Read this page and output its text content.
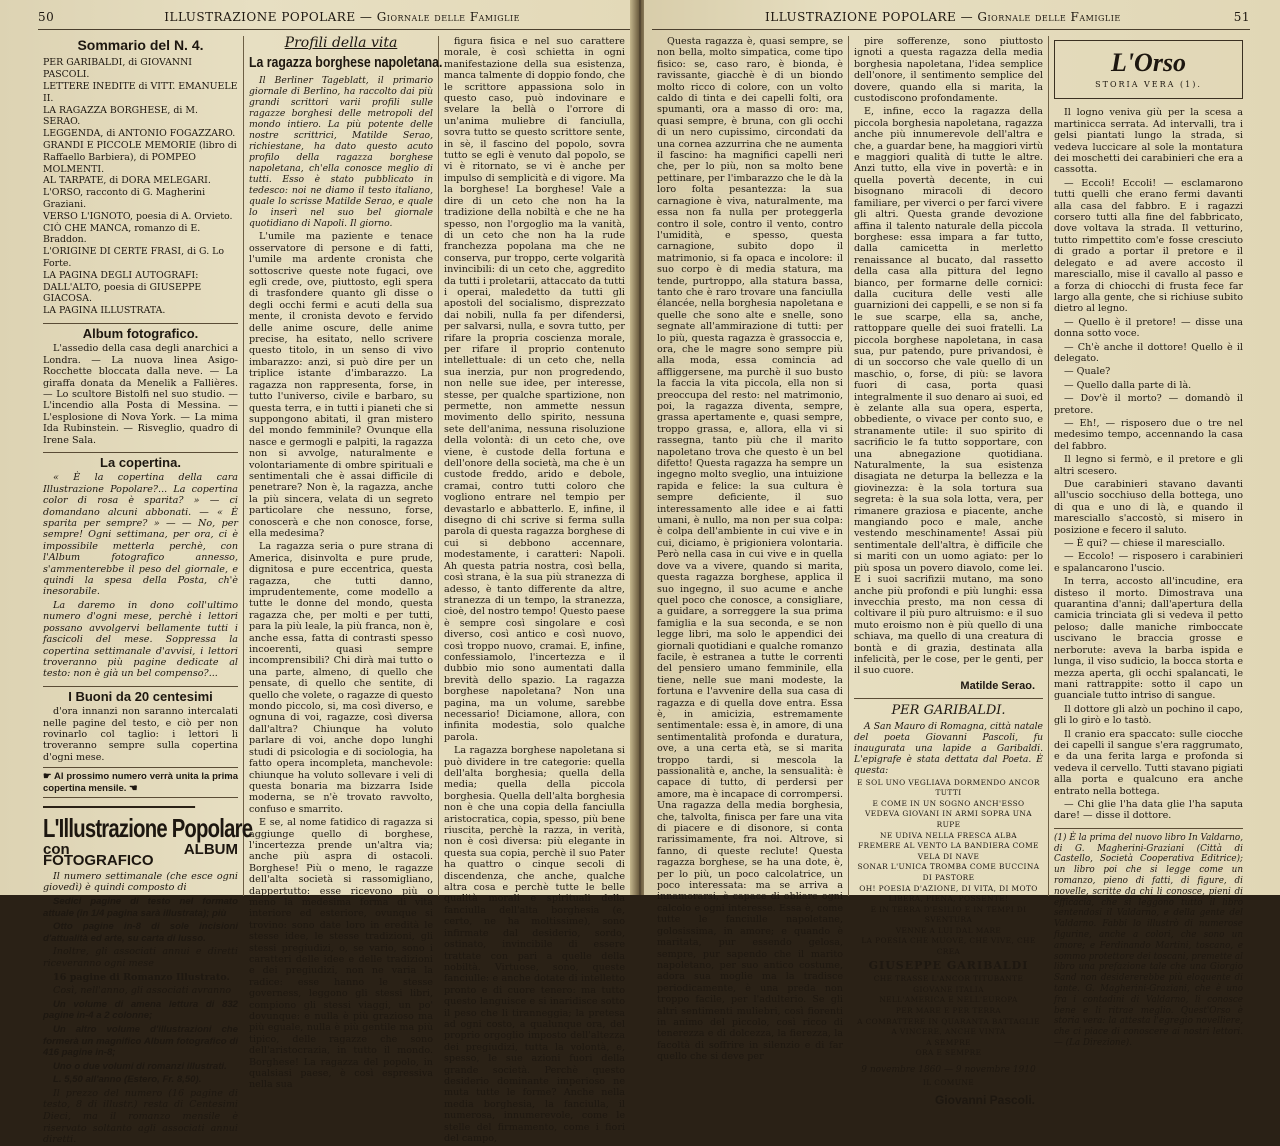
50	ILLUSTRAZIONE POPOLARE — Giornale delle Famiglie
Sommario del N. 4.
PER GARIBALDI, di GIOVANNI PASCOLI.
LETTERE INEDITE di VITT. EMANUELE II.
LA RAGAZZA BORGHESE, di M. SERAO.
LEGGENDA, di ANTONIO FOGAZZARO.
GRANDI E PICCOLE MEMORIE (libro di Raffaello Barbiera), di POMPEO MOLMENTI.
AL TARPATE, di DORA MELEGARI.
L'ORSO, racconto di G. Magherini Graziani.
VERSO L'IGNOTO, poesia di A. Orvieto.
CIÒ CHE MANCA, romanzo di E. Braddon.
L'ORIGINE DI CERTE FRASI, di G. Lo Forte.
LA PAGINA DEGLI AUTOGRAFI: DALL'ALTO, poesia di GIUSEPPE GIACOSA.
LA PAGINA ILLUSTRATA.
Album fotografico.

L'assedio della casa degli anarchici a Londra. — La nuova linea Asigo-Rocchette bloccata dalla neve. — La giraffa donata da Menelik a Fallières. — Lo scultore Bistolfi nel suo studio. — L'incendio alla Posta di Messina. — L'esplosione di Nova York. — La mima Ida Rubinstein. — Risveglio, quadro di Irene Sala.

La copertina.

« È la copertina della cara Illustrazione Popolare?... La copertina color di rosa è sparita? » — ci domandano alcuni abbonati. — « È sparita per sempre? » — — No, per sempre! Ogni settimana, per ora, ci è impossibile metterla perchè, con l'Album fotografico annesso, s'ammenterebbe il peso del giornale, e quindi la spesa della Posta, ch'è inesorabile.

La daremo in dono coll'ultimo numero d'ogni mese, perchè i lettori possano avvolgervi bellamente tutti i fascicoli del mese. Soppressa la copertina settimanale d'avvisi, i lettori troveranno più pagine dedicate al testo: non è già un bel compenso?...

I Buoni da 20 centesimi

d'ora innanzi non saranno intercalati nelle pagine del testo, e ciò per non rovinarlo col taglio: i lettori li troveranno sempre sulla copertina d'ogni mese.

☛ Al prossimo numero verrà unita la prima copertina mensile. ☚
L'Illustrazione Popolare
con ALBUM FOTOGRAFICO

Il numero settimanale (che esce ogni giovedì) è quindi composto di

Sedici pagine di testo nel formato attuale (in 1/4 pagina sarà illustrata); più

Otto pagine in-8 di sole incisioni d'attualità ed arte, su carta di lusso.

Inoltre, gli associati annui e diretti riceveranno ogni mese

16 pagine di Romanzo Illustrato.

Così, nell'anno, gli associati avranno

Un volume di amena lettura di 832 pagine in-4 a 2 colonne;

Un altro volume d'illustrazioni che formerà un magnifico Album fotografico di 416 pagine in-8;

Uno o due volumi di romanzi illustrati.

L. 5,50 all'anno (Estero, Fr. 8,50).

Il prezzo del numero (16 pagine di testo, 8 di illustr.) resta di Centesimi Dieci, ma il romanzo mensile è riservato soltanto agli associati annui diretti.

Profili della vita
La ragazza borghese napoletana.

Il Berliner Tageblatt, il primario giornale di Berlino, ha raccolto dai più grandi scrittori varii profili sulle ragazze borghesi delle metropoli del mondo intiero. La più potente delle nostre scrittrici, Matilde Serao, richiestane, ha dato questo acuto profilo della ragazza borghese napoletana, ch'ella conosce meglio di tutti. Esso è stato pubblicato in tedesco: noi ne diamo il testo italiano, quale lo scrisse Matilde Serao, e quale lo inserì nel suo bel giornale quotidiano di Napoli. Il giorno.

L'umile ma paziente e tenace osservatore di persone e di fatti, l'umile ma ardente cronista che sottoscrive queste note fugaci, ove egli crede, ove, piuttosto, egli spera di trasfondere quanto gli disse o degli occhi fermi e acuti della sua mente, il cronista devoto e fervido delle anime oscure, delle anime precise, ha esitato, nello scrivere questo titolo, in un senso di vivo imbarazzo: anzi, si può dire per un triplice istante d'imbarazzo. La ragazza non rappresenta, forse, in tutto l'universo, civile e barbaro, su questa terra, e in tutti i pianeti che si suppongono abitati, il gran mistero del mondo femminile? Ovunque ella nasce e germogli e palpiti, la ragazza non si avvolge, naturalmente e volontariamente di ombre spirituali e sentimentali che è assai difficile di penetrare? Non è, la ragazza, anche la più sincera, velata di un segreto particolare che nessuno, forse, conoscerà e che non conosce, forse, ella medesima?

La ragazza seria o pure strana di America, disinvolta e pure prude, dignitosa e pure eccentrica, questa ragazza, che tutti danno, imprudentemente, come modello a tutte le donne del mondo, questa ragazza che, per molti e per tutti, para la più leale, la più franca, non è, anche essa, fatta di contrasti spesso incoerenti, quasi sempre incomprensibili? Chi dirà mai tutto o una parte, almeno, di quello che pensate, di quello che sentite, di quello che volete, o ragazze di questo mondo piccolo, si, ma così diverso, e ognuna di voi, ragazze, così diversa dall'altra? Chiunque ha voluto parlare di voi, anche dopo lunghi studi di psicologia e di sociologia, ha fatto opera incompleta, manchevole: chiunque ha voluto sollevare i veli di questa bonaria ma bizzarra Iside moderna, se n'è trovato ravvolto, confuso e smarrito.

E se, al nome fatidico di ragazza si aggiunge quello di borghese, l'incertezza prende un'altra via; anche più aspra di ostacoli. Borghese! Più o meno, le ragazze dell'alta società si rassomigliano, dappertutto: esse ricevono più o meno la medesima forma di vita interiore ed esteriore, ovunque si trovino: sono date loro in eredità le stesse idee, le stesse tradizioni, gli stessi pregiudizi, o, se vario, sono i caratteri delle idee e delle tradizioni e dei pregiudizi, non ne varia la radice: esse hanno le stesse governess, leggono gli stessi libri, compiono gli stessi viaggi, un po' dovunque: e nulla è più grazioso ma più eguale, nulla è più gentile ma più tipico, delle ragazze che sono dell'aristocrazia, in tutto il mondo. Borghese! La ragazza del popolo, in qualsiasi paese, è così espressiva nella sua

figura fisica e nel suo carattere morale, è così schietta in ogni manifestazione della sua esistenza, manca talmente di doppio fondo, che le scrittore appassiona solo in questo caso, può indovinare e svelare la bellà o l'orrore di un'anima muliebre di fanciulla, sovra tutto se questo scrittore sente, in sè, il fascino del popolo, sovra tutto se egli è venuto dal popolo, se vi è ritornato, se vi è anche per impulso di semplicità e di vigore. Ma la borghese! La borghese! Vale a dire di un ceto che non ha la tradizione della nobiltà e che ne ha spesso, non l'orgoglio ma la vanità, di un ceto che non ha la rude franchezza popolana ma che ne conserva, pur troppo, certe volgarità invincibili: di un ceto che, aggredito da tutti i proletarii, attaccato da tutti i operai, maledetto da tutti gli apostoli del socialismo, disprezzato dai nobili, nulla fa per difendersi, per salvarsi, nulla, e sovra tutto, per rifare la propria coscienza morale, per rifare il proprio contenuto intellettuale: di un ceto che, nella sua inerzia, pur non progredendo, non nelle sue idee, per interesse, stesse, per qualche spartizione, non permette, non ammette nessun movimento dello spirito, nessuna sete dell'anima, nessuna risoluzione della volontà: di un ceto che, ove viene, è custode della fortuna e dell'onore della società, ma che è un custode freddo, arido e debole, cramai, contro tutti coloro che vogliono entrare nel tempio per devastarlo e abbatterlo. E, infine, il disegno di chi scrive si ferma sulla parola di questa ragazza borghese di cui si debbono accennare, modestamente, i caratteri: Napoli. Ah questa patria nostra, così bella, così strana, è la sua più stranezza di adesso, è tanto differente da altre, stranezza di un tempo, la stranezza, cioè, del nostro tempo! Questo paese è sempre così singolare e così diverso, così antico e così nuovo, così troppo nuovo, cramai. E, infine, confessiamolo, l'incertezza e il dubbio mio sono aumentati dalla brevità dello spazio. La ragazza borghese napoletana? Non una pagina, ma un volume, sarebbe necessario! Diciamone, allora, con infinita modestia, solo qualche parola.

La ragazza borghese napoletana si può dividere in tre categorie: quella dell'alta borghesia; quella della media; quella della piccola borghesia. Quella dell'alta borghesia non è che una copia della fanciulla aristocratica, copia, spesso, più bene riuscita, perchè la razza, in verità, non è così diversa: più elegante in questa sua copia, perchè il suo Pater ha quattro o cinque secoli di discendenza, che anche, qualche altra cosa e perchè tutte le belle qualità morali e spirituali della fanciulla dell'alta borghesia (e, certo, ne ha moltissime), sono infirmate dal desiderio, sordo, ostinato, invincibile di essere trattate con pari a quelle della nobiltà. Virtuose, sono, queste fanciulle: e anche dotate di intelletto pronto e di cuore tenero: ma tutto questo languisce e si inaridisce sotto il peso che li tiranneggia; la pretesa ad ogni costo, a qualunque ora, del proprio orgoglio imposto dell'altezza dei pregiudizi, tutta la volontà, e, spesso, le sue azioni fuori della grande società. Perchè questo desiderio dominante imperioso ne muta tutte le forme? Anche nella media borghesia, la fanciulla, il numerosa, innumerevole, come le stelle del firmamento, come i fiori del campo,

ILLUSTRAZIONE POPOLARE — Giornale delle Famiglie	51

Questa ragazza è, quasi sempre, se non bella, molto simpatica, come tipo fisico: se, caso raro, è bionda, è ravissante, giacchè è di un biondo molto ricco di colore, con un volto caldo di tinta e dei capelli folti, ora spumanti, ora a masso di oro: ma, quasi sempre, è bruna, con gli occhi di un nero cupissimo, circondati da una cornea azzurrina che ne aumenta il fascino: ha magnifici capelli neri che, per lo più, non sa molto bene pettinare, per l'imbarazzo che le dà la loro folta pesantezza: la sua carnagione è viva, naturalmente, ma essa non fa nulla per proteggerla contro il sole, contro il vento, contro l'umidità, e spesso, questa carnagione, subito dopo il matrimonio, si fa opaca e incolore: il suo corpo è di media statura, ma tende, purtroppo, alla statura bassa, tanto che è raro trovare una fanciulla élancée, nella borghesia napoletana e quelle che sono alte e snelle, sono segnate all'ammirazione di tutti: per lo più, questa ragazza è grassoccia e, ora, che le magre sono sempre più alla moda, essa comincia ad affliggersene, ma purchè il suo busto la faccia la vita piccola, ella non si preoccupa del resto: nel matrimonio, poi, la ragazza diventa, sempre, grassa apertamente e, quasi sempre, troppo grassa, e, allora, ella vi si rassegna, tanto più che il marito napoletano trova che questo è un bel difetto! Questa ragazza ha sempre un ingegno molto sveglio, una intuizione rapida e felice: la sua cultura è sempre deficiente, il suo interessamento alle idee e ai fatti umani, è nullo, ma non per sua colpa: è colpa dell'ambiente in cui vive e in cui, diciamo, è prigioniera volontaria. Però nella casa in cui vive e in quella dove va a vivere, quando si marita, questa ragazza borghese, applica il suo ingegno, il suo acume e anche quel poco che conosce, a consigliare, a guidare, a sorreggere la sua prima famiglia e la sua seconda, e se non legge libri, ma solo le appendici dei giornali quotidiani e qualche romanzo facile, è estranea a tutte le correnti del pensiero umano femminile, ella tiene, nelle sue mani modeste, la fortuna e l'avvenire della sua casa di ragazza e di quella dove entra. Essa è, in amicizia, estremamente sentimentale: essa è, in amore, di una sentimentalità profonda e duratura, ove, a una certa età, se si marita troppo tardi, si mescola la passionalità e, anche, la sensualità: è capace di tutto, di perdersi per amore, ma è incapace di corrompersi. Una ragazza della media borghesia, che, talvolta, finisca per fare una vita di piacere e di disonore, si conta rarissimamente, fra noi. Altrove, si fanno, di queste reclute! Questa ragazza borghese, se ha una dote, è, per lo più, un poco calcolatrice, un poco interessata: ma se arriva a innamorarsi, è capace di obliare ogni calcolo e ogni interesse. Essa è, come tutte le fanciulle napoletane, golosissima, in amore; e quando è maritata, pur essendo gelosa, sempre, pur sapendo che il marito napoletano, per suo antico costume, adora sua moglie ma la tradisce periodicamente, è una preda non troppo facile, per l'adulterio. Se gli altri sentimenti muliebri, così fiorenti in animo del piccolo, così ricco di tenerezza e di dolcezza, la fierezza, la facoltà di soffrire in silenzio e di far quello che si deve per

pire sofferenze, sono piuttosto ignoti a questa ragazza della media borghesia napoletana, l'idea semplice dell'onore, il sentimento semplice del dovere, quando ella si marita, la custodiscono profondamente.

E, infine, ecco la ragazza della piccola borghesia napoletana, ragazza anche più innumerevole dell'altra e che, a guardar bene, ha maggiori virtù e maggiori qualità di tutte le altre. Anzi tutto, ella vive in povertà: e in quella povertà decente, in cui bisognano miracoli di decoro familiare, per viverci o per farci vivere gli altri. Questa grande devozione affina il talento naturale della piccola borghese: essa impara a far tutto, dalla camicetta in merletto renaissance al bucato, dal rassetto della casa alla pittura del legno bianco, per formarne delle cornici: dalla cucitura delle vesti alle guarnizioni dei cappelli, e se non si fa le sue scarpe, ella sa, anche, rattoppare quelle dei suoi fratelli. La piccola borghese napoletana, in casa sua, pur patendo, pure privandosi, è di un soccorso che vale quello di un maschio, o, forse, di più: se lavora fuori di casa, porta quasi integralmente il suo denaro ai suoi, ed è zelante alla sua opera, esperta, obbediente, o vivace per conto suo, e stranamente utile: il suo spirito di sacrificio le fa tutto sopportare, con una abnegazione quotidiana. Naturalmente, la sua esistenza disagiata ne deturpa la bellezza e la giovinezza: è la sola tortura sua segreta: è la sua sola lotta, vera, per rimanere graziosa e piacente, anche mangiando poco e male, anche vestendo meschinamente! Assai più sentimentale dell'altra, è difficile che si mariti con un uomo agiato: per lo più sposa un povero diavolo, come lei. E i suoi sacrifizii mutano, ma sono anche più profondi e più lunghi: essa invecchia presto, ma non cessa di coltivare il più puro altruismo: e il suo muto eroismo non è più quello di una schiava, ma quello di una creatura di bontà e di grazia, destinata alla infelicità, per le cose, per le genti, per il suo cuore.

Matilde Serao.
PER GARIBALDI.

A San Mauro di Romagna, città natale del poeta Giovanni Pascoli, fu inaugurata una lapide a Garibaldi. L'epigrafe è stata dettata dal Poeta. È questa:

E SOL UNO VEGLIAVA DORMENDO ANCOR TUTTI
E COME IN UN SOGNO ANCH'ESSO
VEDEVA GIOVANI IN ARMI SOPRA UNA RUPE
NE UDIVA NELLA FRESCA ALBA
FREMERE AL VENTO LA BANDIERA COME VELA DI NAVE
SONAR L'UNICA TROMBA COME BUCCINA DI PASTORE
OH! POESIA D'AZIONE, DI VITA, DI MOTO
LIBERA, PIENA, POSSENTE!
E IN TERRA D'ESILIO E IN TEMPI DI SVENTURA
VENNE A LUI DAL MARE
LA POESIA CHE MUOVE, CHE VIVE, CHE CREA
GIUSEPPE GARIBALDI
CHE TRASSE L'ANCOR TITUBANTE GIOVANE ITALIA
NELL'AMERICA E NELL'EUROPA
PER MARE E PER TERRA
A COMBATTERE IN QUARANTA BATTAGLIE
A VINCERE, ANCHE VINTA
A SEMPRE
ORA E SEMPRE
9 novembre 1860 — 9 novembre 1910
IL COMUNE
Giovanni Pascoli.
L'Orso
STORIA VERA (1).

Il logno veniva giù per la scesa a martinicca serrata. Ad intervalli, tra i gelsi piantati lungo la strada, si vedeva luccicare al sole la montatura dei moschetti dei carabinieri che era a cassotta.

— Eccoli! Eccoli! — esclamarono tutti quelli che erano fermi davanti alla casa del fabbro. E i ragazzi corsero tutti alla fine del fabbricato, dove voltava la strada. Il vetturino, tutto rimpettito com'e fosse cresciuto di grado a portar il pretore e il delegato e ad avere accosto il maresciallo, mise il cavallo al passo e a forza di chiocchi di frusta fece far largo alla gente, che si richiuse subito dietro al legno.

— Quello è il pretore! — disse una donna sotto voce.

— Ch'è anche il dottore! Quello è il delegato.

— Quale?

— Quello dalla parte di là.

— Dov'è il morto? — domandò il pretore.

— Eh!, — risposero due o tre nel medesimo tempo, accennando la casa del fabbro.

Il legno si fermò, e il pretore e gli altri scesero.

Due carabinieri stavano davanti all'uscio socchiuso della bottega, uno di qua e uno di là, e quando il maresciallo s'accostò, si misero in posizione e fecero il saluto.

— È qui? — chiese il maresciallo.

— Eccolo! — risposero i carabinieri e spalancarono l'uscio.

In terra, accosto all'incudine, era disteso il morto. Dimostrava una quarantina d'anni; dall'apertura della camicia trinciata gli si vedeva il petto peloso; dalle maniche rimboccate uscivano le braccia grosse e nerborute: aveva la barba ispida e lunga, il viso sudicio, la bocca storta e mezza aperta, gli occhi spalancati, le mani rattrappite: sotto il capo un guanciale tutto intriso di sangue.

Il dottore gli alzò un pochino il capo, gli lo girò e lo tastò.

Il cranio era spaccato: sulle ciocche dei capelli il sangue s'era raggrumato, e da una ferita larga e profonda si vedeva il cervello. Tutti stavano pigiati alla porta e qualcuno era anche entrato nella bottega.

— Chi glie l'ha data glie l'ha saputa dare! — disse il dottore.

(1) È la prima del nuovo libro In Valdarno, di G. Magherini-Graziani (Città di Castello, Società Cooperativa Editrice); un libro poi che si legge come un romanzo, pieno di fatti, di figure, di novelle, scritte da chi li conosce, pieni di efficacia, che si leggono tutto il libro sentendosi il Valdarno, e della gente del Valdarno. Fabbi lo illustrò di numerose figurine, anche a colori, che sono un amore; e Ferdinando Martini, toscano, e sommo protettore dei toscani, premette al libro una prefazione tale che una Giorgio Sand non desidererebbe più eloquente di tante. G. Magherini-Graziani, che è uno fra i contadini di Valdarno, li conosce bene e li ritrae meglio. Quest'Orso è storia vera: la attesta l'egregio novelliere, che ci piace di conoscere ai nostri lettori. — (La Direzione).
